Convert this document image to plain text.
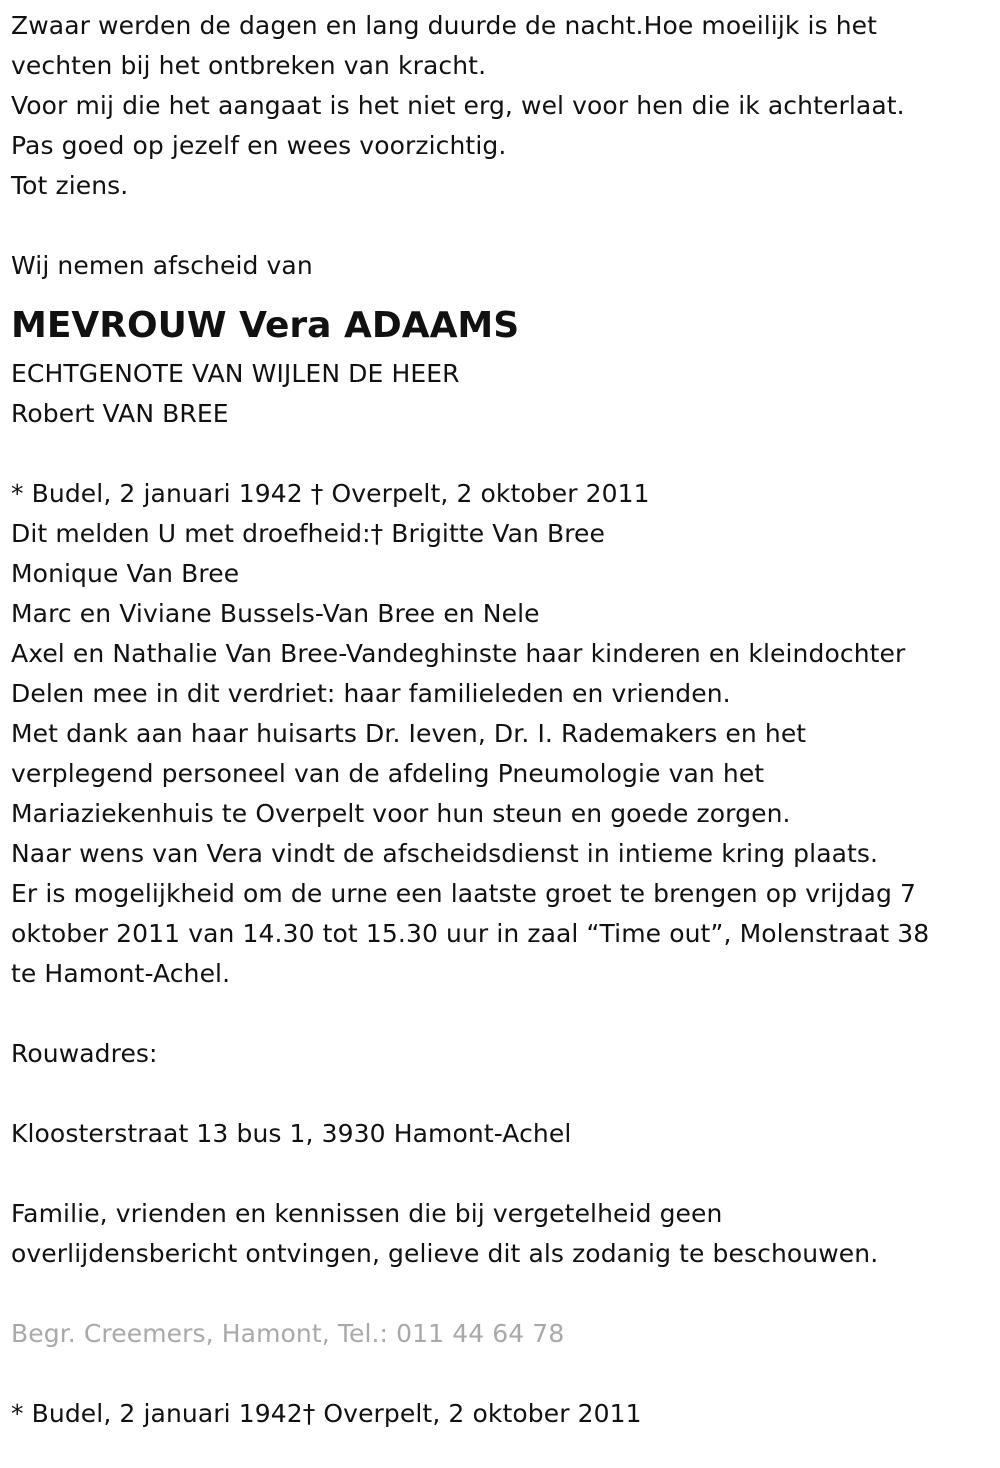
Zwaar werden de dagen en lang duurde de nacht.Hoe moeilijk is het
vechten bij het ontbreken van kracht.
Voor mij die het aangaat is het niet erg, wel voor hen die ik achterlaat.
Pas goed op jezelf en wees voorzichtig.
Tot ziens.
Wij nemen afscheid van
MEVROUW Vera ADAAMS
ECHTGENOTE VAN WIJLEN DE HEER
Robert VAN BREE
* Budel, 2 januari 1942 † Overpelt, 2 oktober 2011
Dit melden U met droefheid:† Brigitte Van Bree
Monique Van Bree
Marc en Viviane Bussels-Van Bree en Nele
Axel en Nathalie Van Bree-Vandeghinste haar kinderen en kleindochter
Delen mee in dit verdriet: haar familieleden en vrienden.
Met dank aan haar huisarts Dr. Ieven, Dr. I. Rademakers en het
verplegend personeel van de afdeling Pneumologie van het
Mariaziekenhuis te Overpelt voor hun steun en goede zorgen.
Naar wens van Vera vindt de afscheidsdienst in intieme kring plaats.
Er is mogelijkheid om de urne een laatste groet te brengen op vrijdag 7
oktober 2011 van 14.30 tot 15.30 uur in zaal “Time out”, Molenstraat 38
te Hamont-Achel.
Rouwadres:
Kloosterstraat 13 bus 1, 3930 Hamont-Achel
Familie, vrienden en kennissen die bij vergetelheid geen
overlijdensbericht ontvingen, gelieve dit als zodanig te beschouwen.
Begr. Creemers, Hamont, Tel.: 011 44 64 78
* Budel, 2 januari 1942† Overpelt, 2 oktober 2011
